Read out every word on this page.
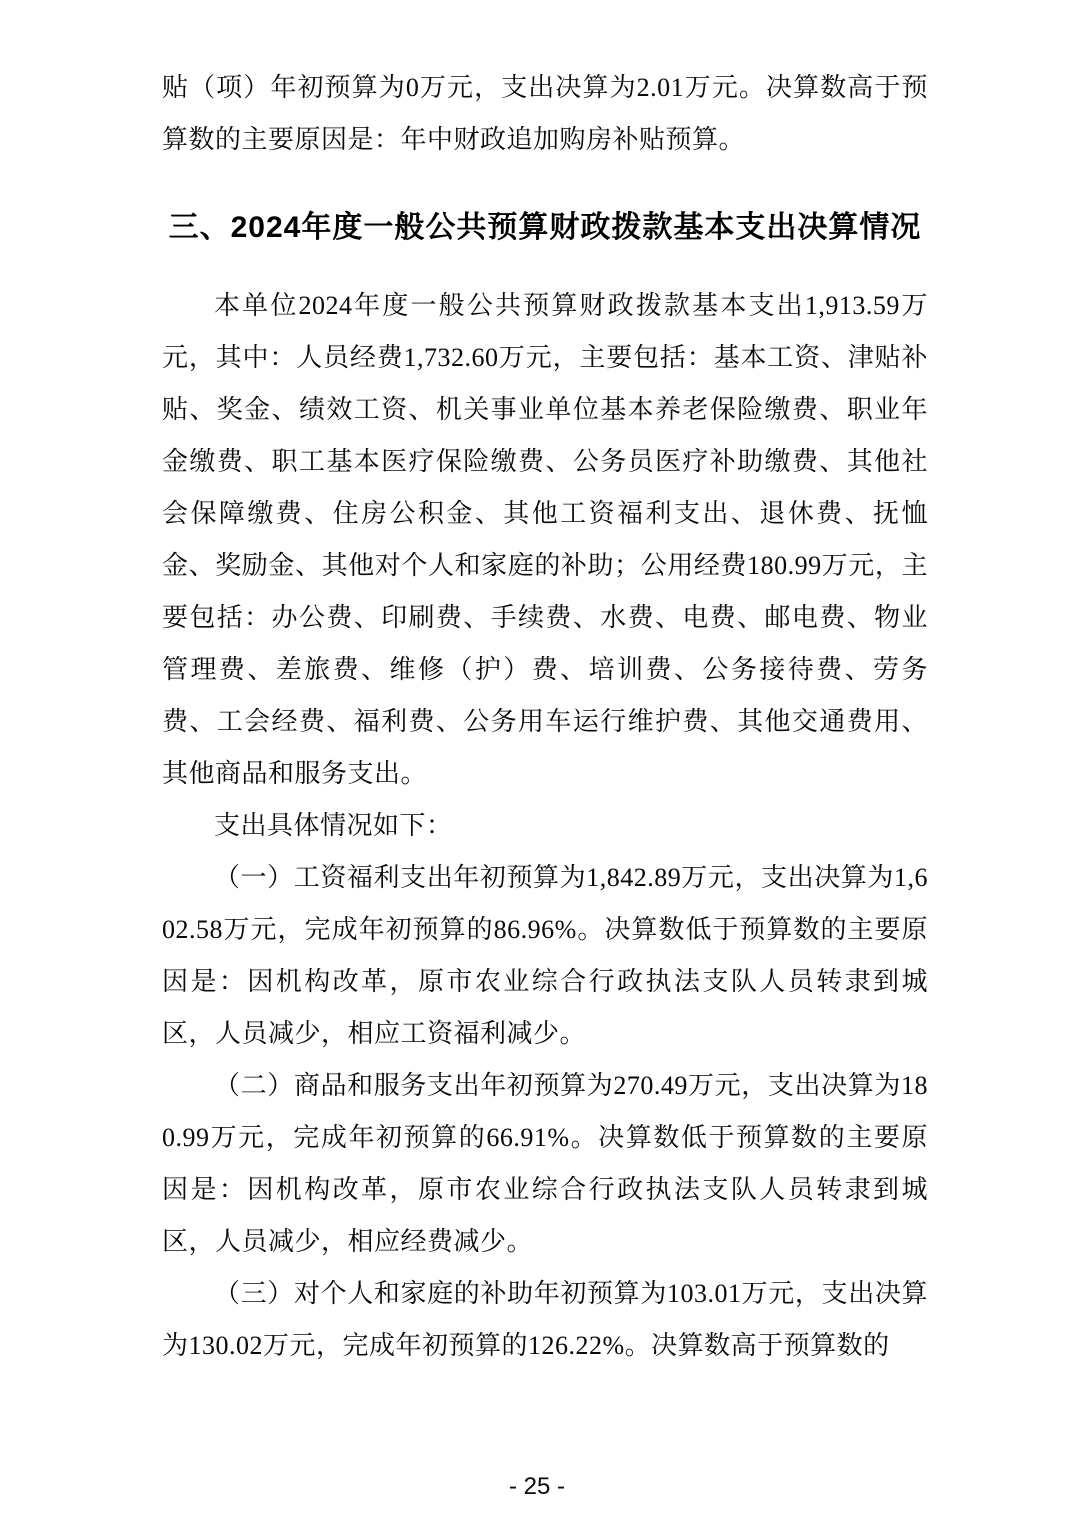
贴（项）年初预算为0万元，支出决算为2.01万元。决算数高于预算数的主要原因是：年中财政追加购房补贴预算。

三、2024年度一般公共预算财政拨款基本支出决算情况

本单位2024年度一般公共预算财政拨款基本支出1,913.59万元，其中：人员经费1,732.60万元，主要包括：基本工资、津贴补贴、奖金、绩效工资、机关事业单位基本养老保险缴费、职业年金缴费、职工基本医疗保险缴费、公务员医疗补助缴费、其他社会保障缴费、住房公积金、其他工资福利支出、退休费、抚恤金、奖励金、其他对个人和家庭的补助；公用经费180.99万元，主要包括：办公费、印刷费、手续费、水费、电费、邮电费、物业管理费、差旅费、维修（护）费、培训费、公务接待费、劳务费、工会经费、福利费、公务用车运行维护费、其他交通费用、其他商品和服务支出。

支出具体情况如下：

（一）工资福利支出年初预算为1,842.89万元，支出决算为1,602.58万元，完成年初预算的86.96%。决算数低于预算数的主要原因是：因机构改革，原市农业综合行政执法支队人员转隶到城区，人员减少，相应工资福利减少。

（二）商品和服务支出年初预算为270.49万元，支出决算为180.99万元，完成年初预算的66.91%。决算数低于预算数的主要原因是：因机构改革，原市农业综合行政执法支队人员转隶到城区，人员减少，相应经费减少。

（三）对个人和家庭的补助年初预算为103.01万元，支出决算为130.02万元，完成年初预算的126.22%。决算数高于预算数的

- 25 -
